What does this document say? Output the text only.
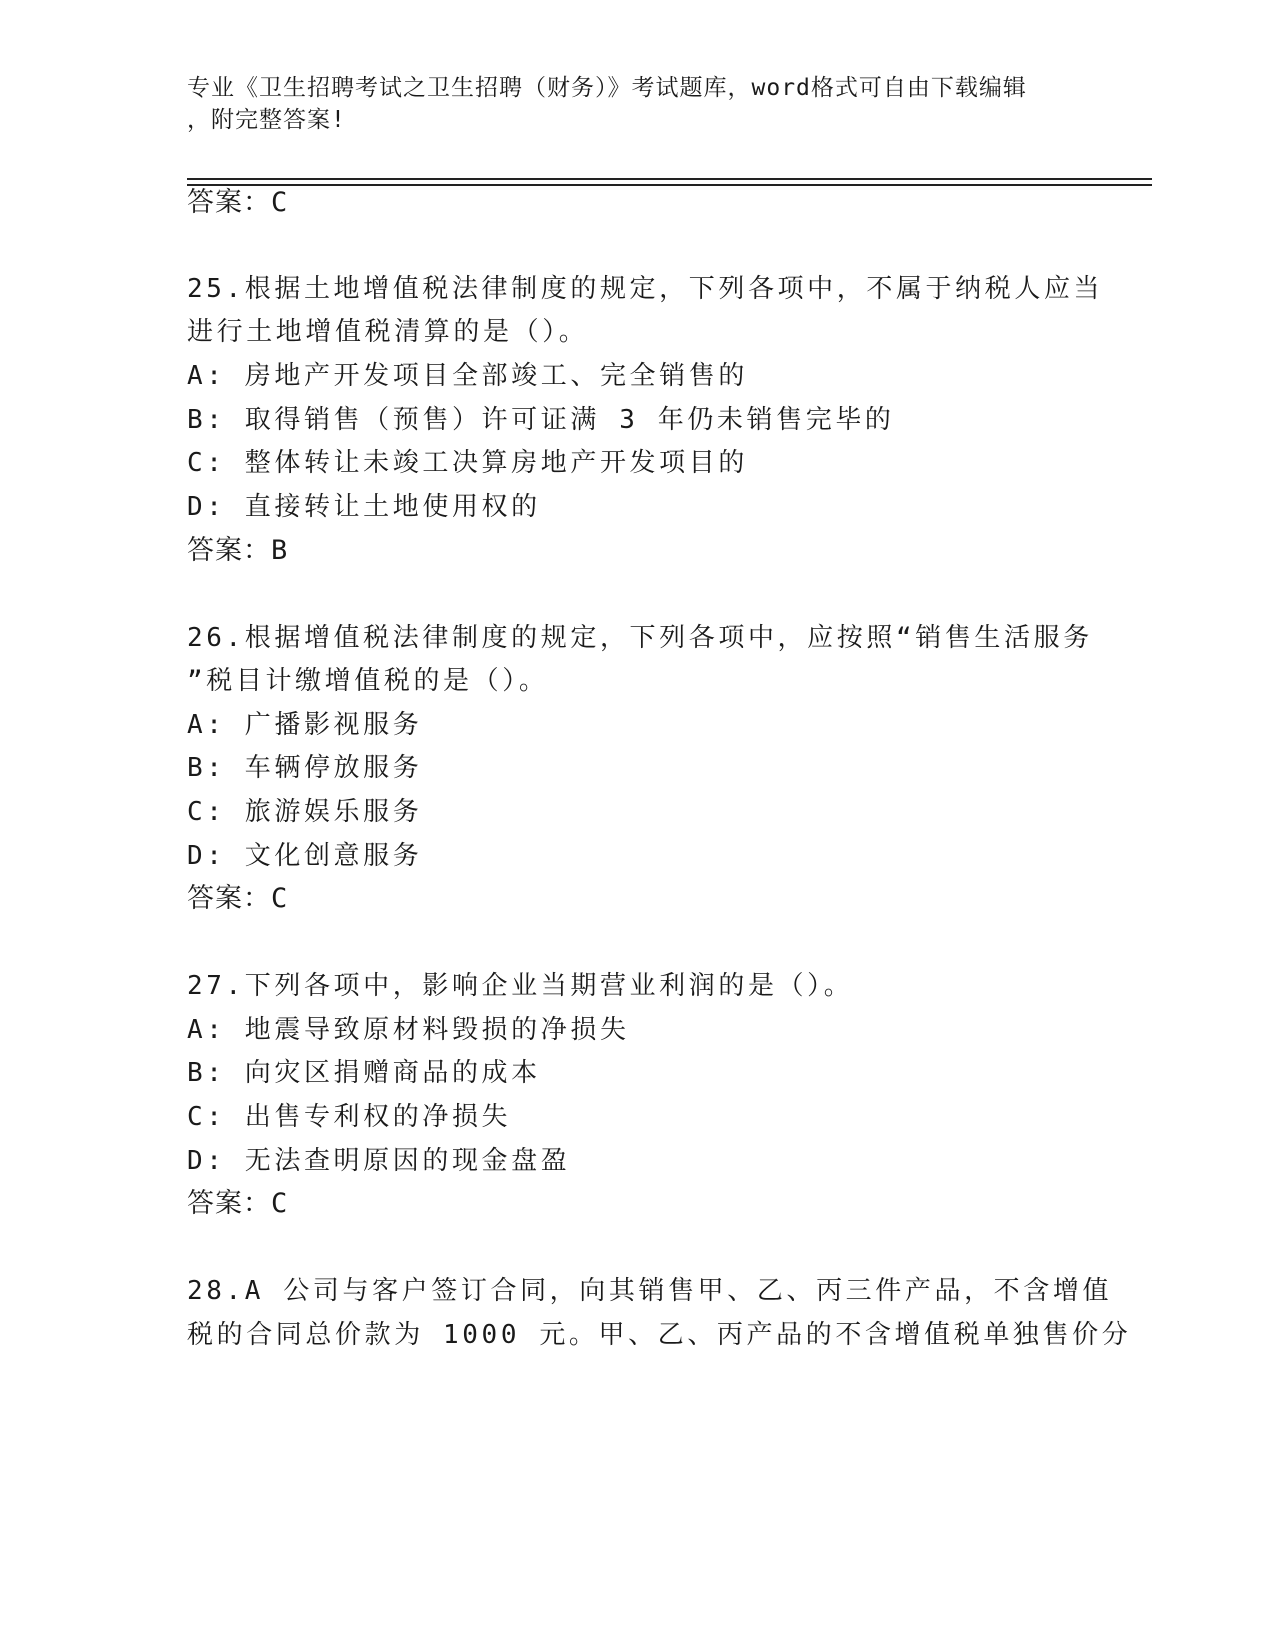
专业《卫生招聘考试之卫生招聘（财务）》考试题库，word格式可自由下载编辑
，附完整答案!
答案：C
25.根据土地增值税法律制度的规定，下列各项中，不属于纳税人应当
进行土地增值税清算的是（）。
A: 房地产开发项目全部竣工、完全销售的
B: 取得销售（预售）许可证满 3 年仍未销售完毕的
C: 整体转让未竣工决算房地产开发项目的
D: 直接转让土地使用权的
答案：B
26.根据增值税法律制度的规定，下列各项中，应按照“销售生活服务
”税目计缴增值税的是（）。
A: 广播影视服务
B: 车辆停放服务
C: 旅游娱乐服务
D: 文化创意服务
答案：C
27.下列各项中，影响企业当期营业利润的是（）。
A: 地震导致原材料毁损的净损失
B: 向灾区捐赠商品的成本
C: 出售专利权的净损失
D: 无法查明原因的现金盘盈
答案：C
28.A 公司与客户签订合同，向其销售甲、乙、丙三件产品，不含增值
税的合同总价款为 1000 元。甲、乙、丙产品的不含增值税单独售价分
